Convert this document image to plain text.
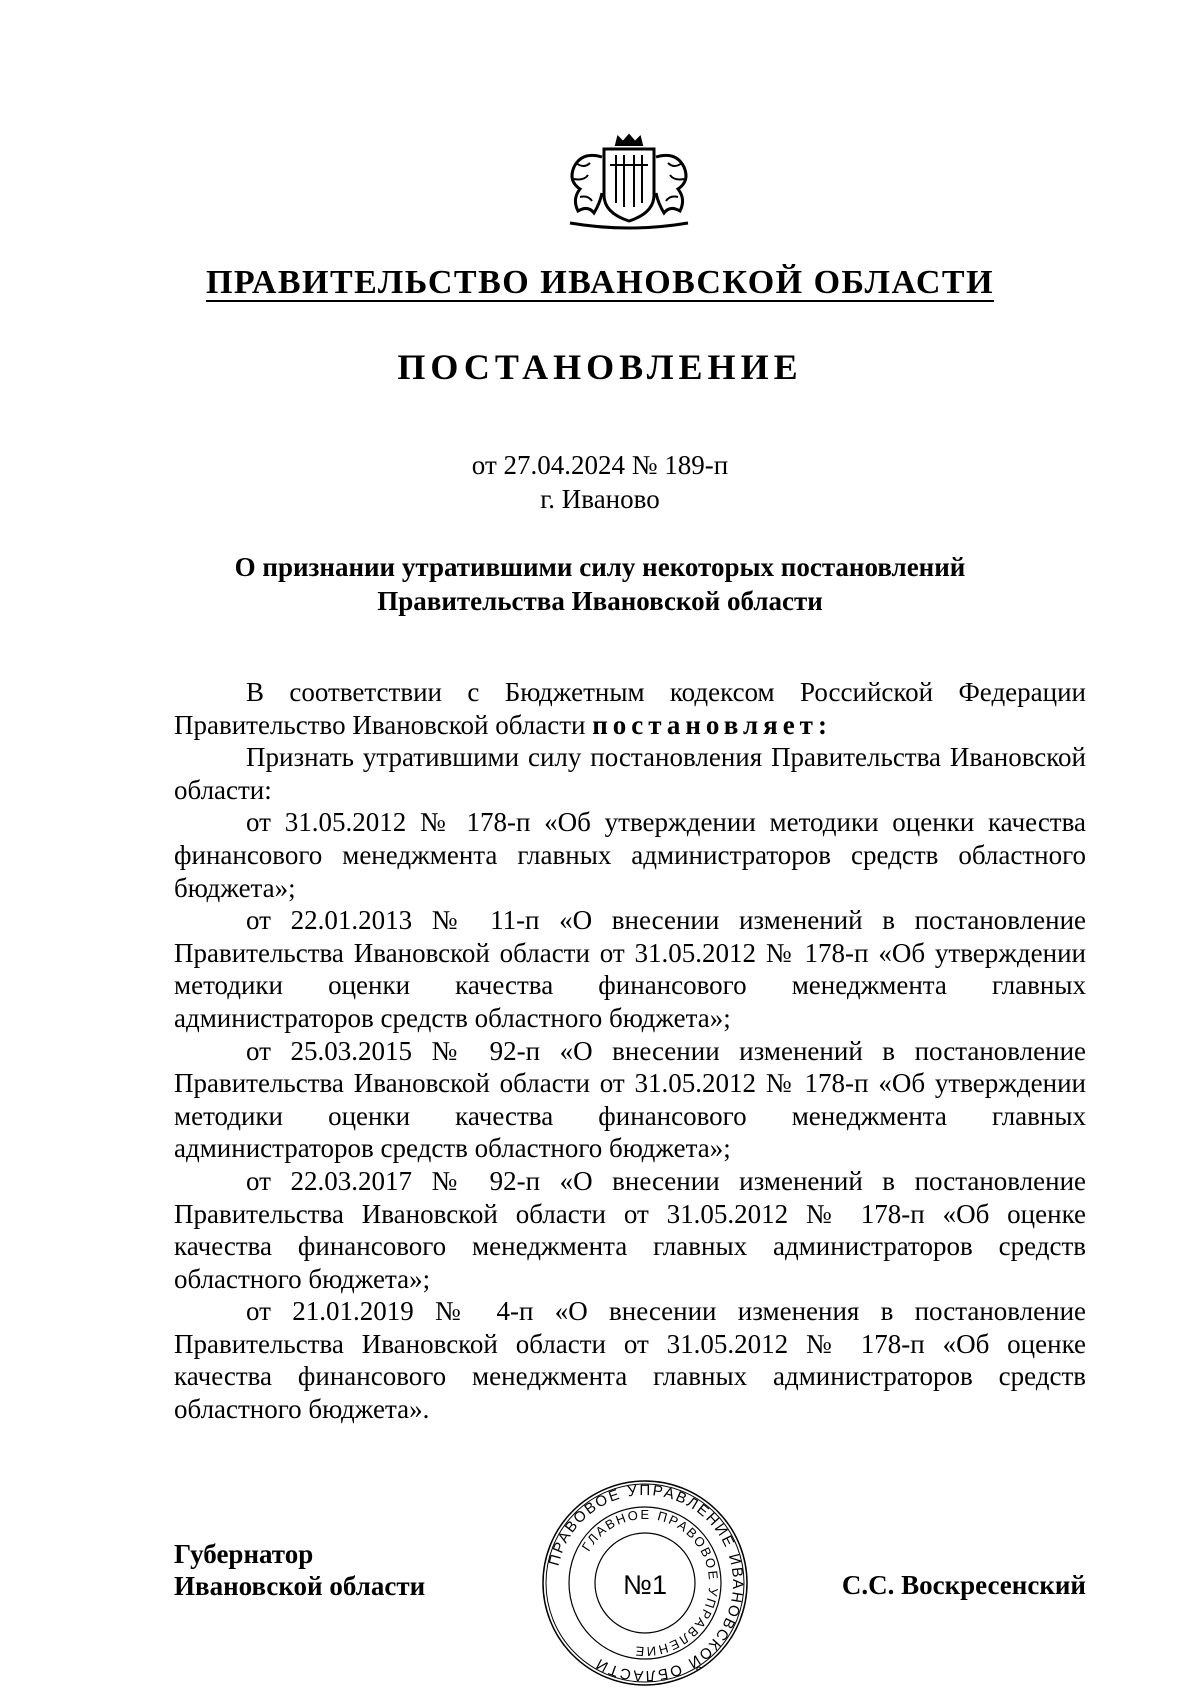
ПРАВИТЕЛЬСТВО ИВАНОВСКОЙ ОБЛАСТИ
ПОСТАНОВЛЕНИЕ
от 27.04.2024 № 189-п
г. Иваново
О признании утратившими силу некоторых постановлений
Правительства Ивановской области

В соответствии с Бюджетным кодексом Российской Федерации Правительство Ивановской области постановляет:

Признать утратившими силу постановления Правительства Ивановской области:

от 31.05.2012 № 178-п «Об утверждении методики оценки качества финансового менеджмента главных администраторов средств областного бюджета»;

от 22.01.2013 № 11-п «О внесении изменений в постановление Правительства Ивановской области от 31.05.2012 № 178-п «Об утверждении методики оценки качества финансового менеджмента главных администраторов средств областного бюджета»;

от 25.03.2015 № 92-п «О внесении изменений в постановление Правительства Ивановской области от 31.05.2012 № 178-п «Об утверждении методики оценки качества финансового менеджмента главных администраторов средств областного бюджета»;

от 22.03.2017 № 92-п «О внесении изменений в постановление Правительства Ивановской области от 31.05.2012 № 178-п «Об оценке качества финансового менеджмента главных администраторов средств областного бюджета»;

от 21.01.2019 № 4-п «О внесении изменения в постановление Правительства Ивановской области от 31.05.2012 № 178-п «Об оценке качества финансового менеджмента главных администраторов средств областного бюджета».

Губернатор
Ивановской области
ПРАВОВОЕ УПРАВЛЕНИЕ ИВАНОВСКОЙ ОБЛАСТИ
ГЛАВНОЕ ПРАВОВОЕ УПРАВЛЕНИЕ
№1	С.С. Воскресенский
